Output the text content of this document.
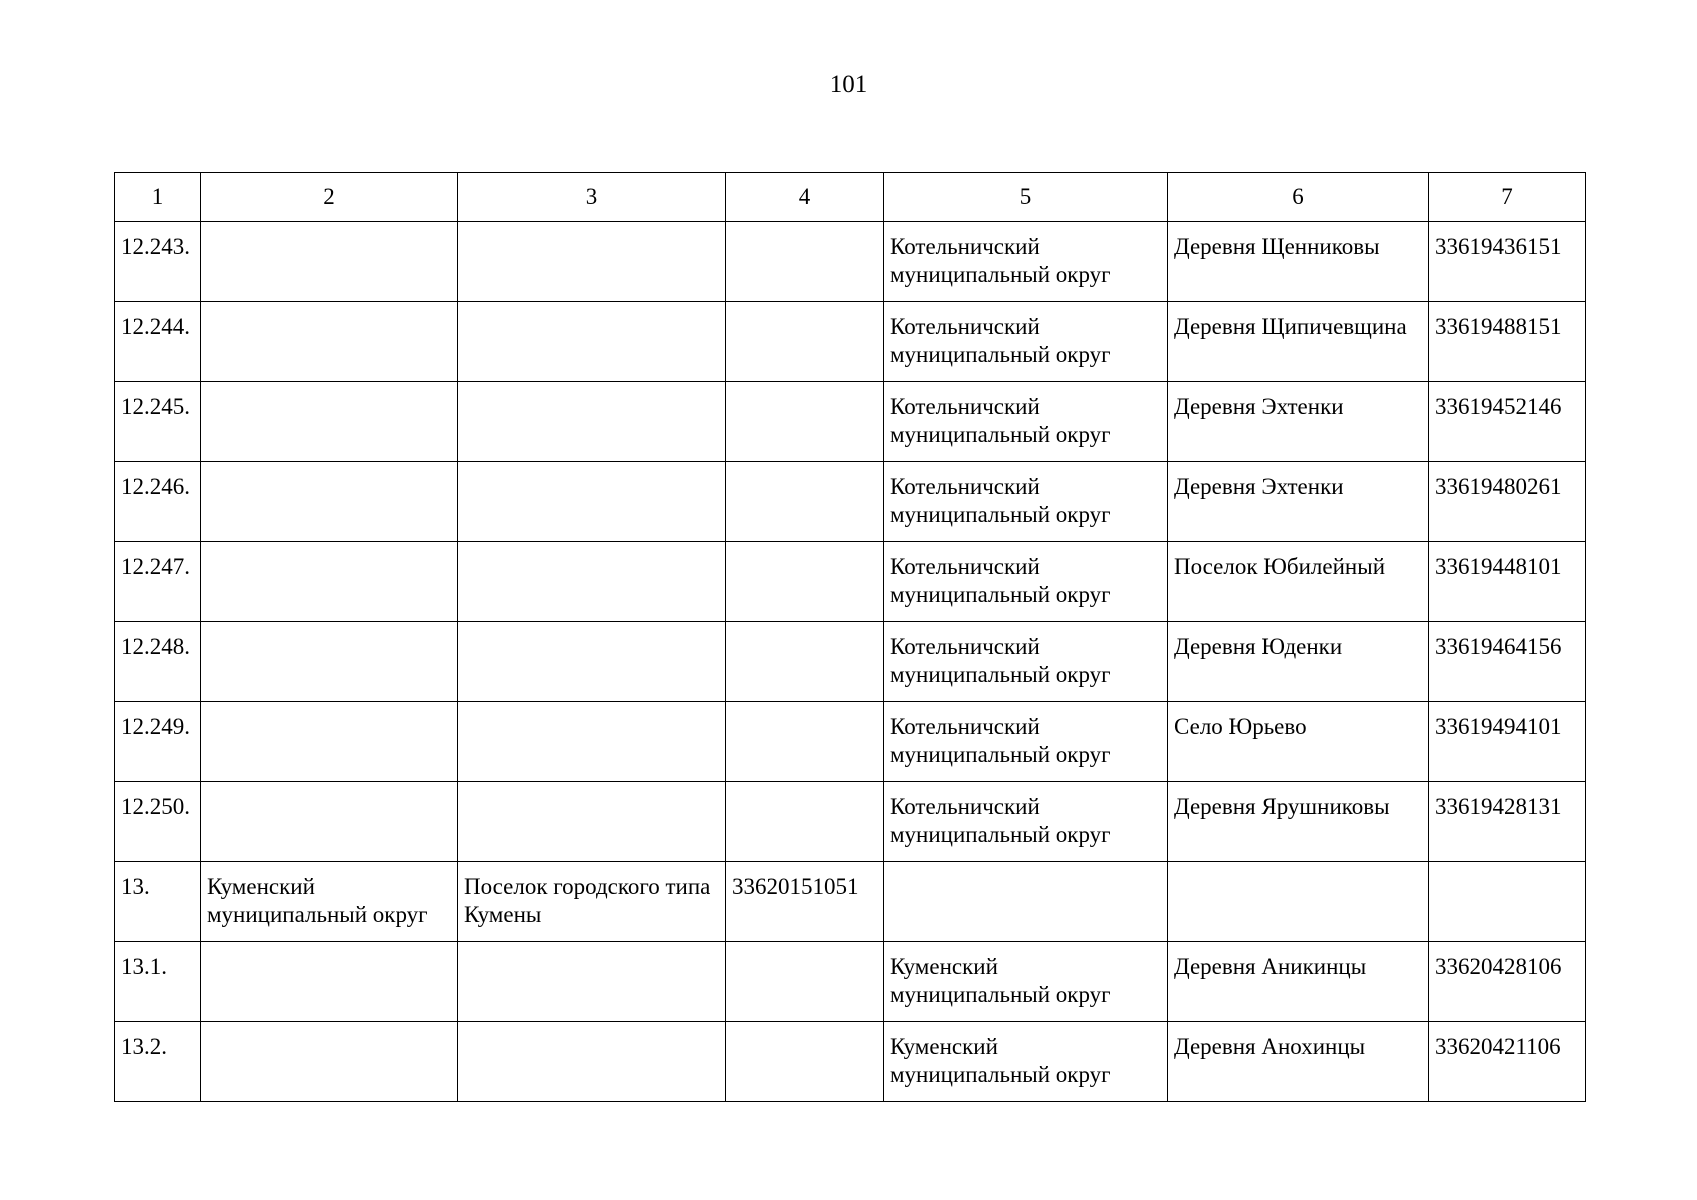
101
1	2	3	4	5	6	7
12.243.				Котельничский муниципальный округ	Деревня Щенниковы	33619436151
12.244.				Котельничский муниципальный округ	Деревня Щипичевщина	33619488151
12.245.				Котельничский муниципальный округ	Деревня Эхтенки	33619452146
12.246.				Котельничский муниципальный округ	Деревня Эхтенки	33619480261
12.247.				Котельничский муниципальный округ	Поселок Юбилейный	33619448101
12.248.				Котельничский муниципальный округ	Деревня Юденки	33619464156
12.249.				Котельничский муниципальный округ	Село Юрьево	33619494101
12.250.				Котельничский муниципальный округ	Деревня Ярушниковы	33619428131
13.	Куменский муниципальный округ	Поселок городского типа Кумены	33620151051			
13.1.				Куменский муниципальный округ	Деревня Аникинцы	33620428106
13.2.				Куменский муниципальный округ	Деревня Анохинцы	33620421106
